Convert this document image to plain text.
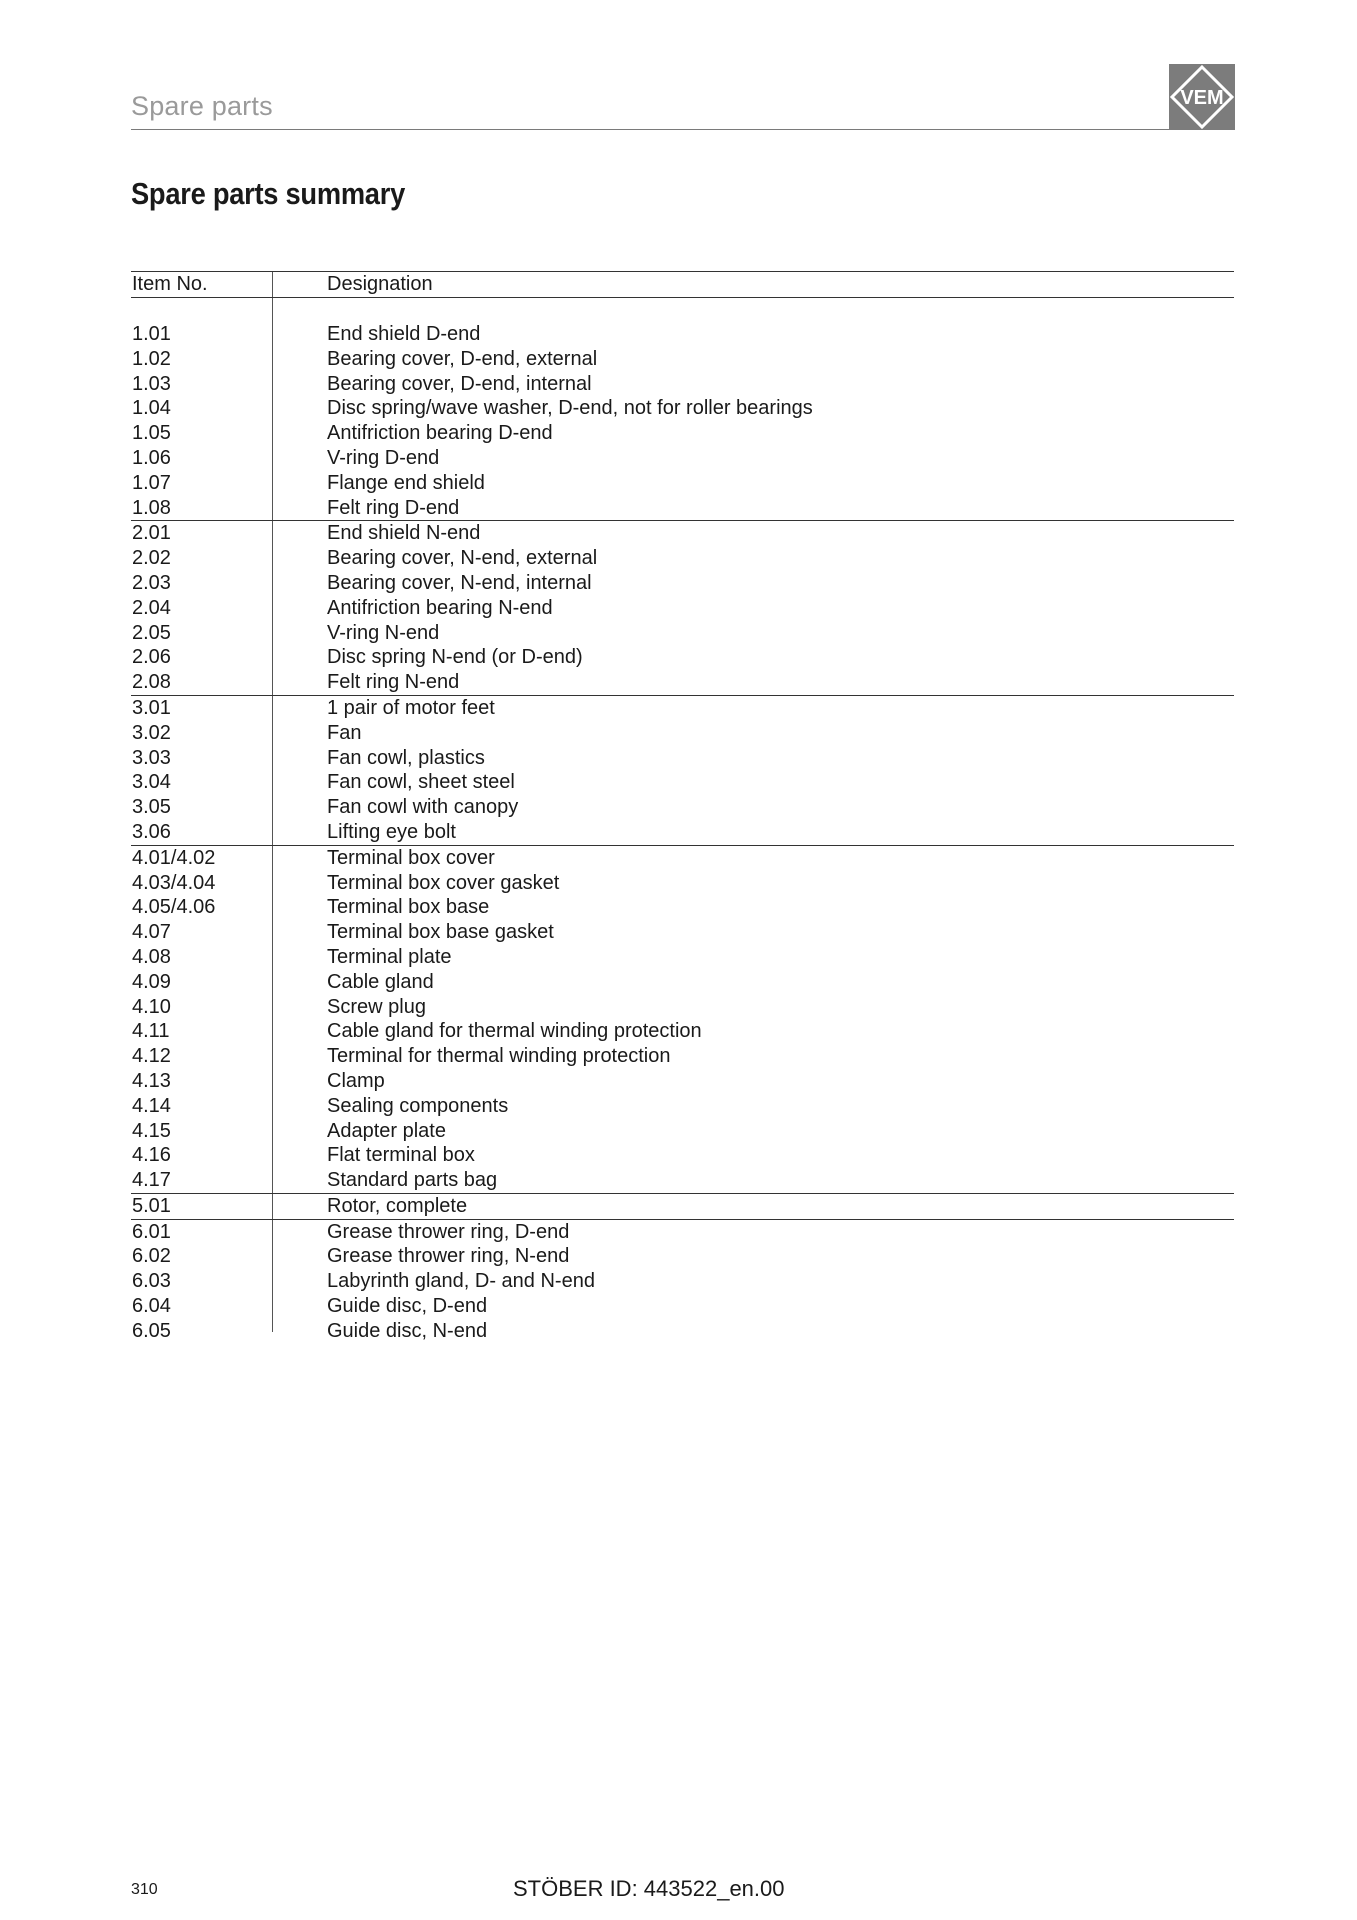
Spare parts	VEM
Spare parts summary
Item No.	Designation
1.01	End shield D-end
1.02	Bearing cover, D-end, external
1.03	Bearing cover, D-end, internal
1.04	Disc spring/wave washer, D-end, not for roller bearings
1.05	Antifriction bearing D-end
1.06	V-ring D-end
1.07	Flange end shield
1.08	Felt ring D-end
2.01	End shield N-end
2.02	Bearing cover, N-end, external
2.03	Bearing cover, N-end, internal
2.04	Antifriction bearing N-end
2.05	V-ring N-end
2.06	Disc spring N-end (or D-end)
2.08	Felt ring N-end
3.01	1 pair of motor feet
3.02	Fan
3.03	Fan cowl, plastics
3.04	Fan cowl, sheet steel
3.05	Fan cowl with canopy
3.06	Lifting eye bolt
4.01/4.02	Terminal box cover
4.03/4.04	Terminal box cover gasket
4.05/4.06	Terminal box base
4.07	Terminal box base gasket
4.08	Terminal plate
4.09	Cable gland
4.10	Screw plug
4.11	Cable gland for thermal winding protection
4.12	Terminal for thermal winding protection
4.13	Clamp
4.14	Sealing components
4.15	Adapter plate
4.16	Flat terminal box
4.17	Standard parts bag
5.01	Rotor, complete
6.01	Grease thrower ring, D-end
6.02	Grease thrower ring, N-end
6.03	Labyrinth gland, D- and N-end
6.04	Guide disc, D-end
6.05	Guide disc, N-end
310	STÖBER ID: 443522_en.00
